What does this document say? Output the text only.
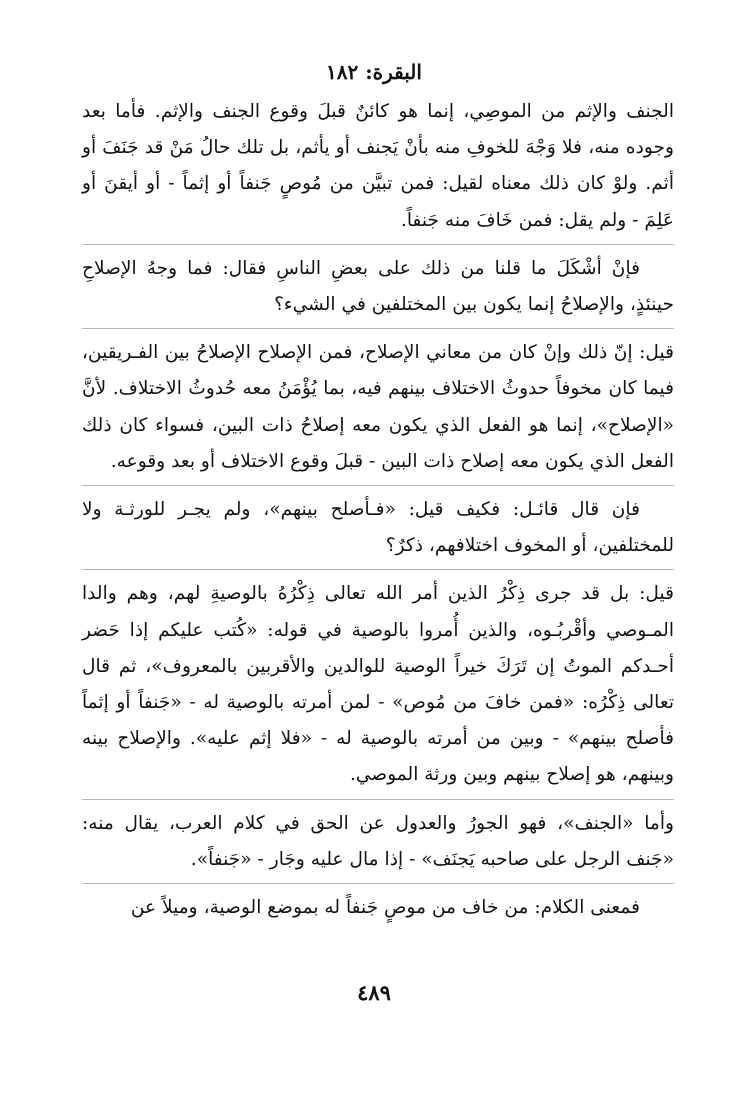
البقرة: ١٨٢

الجنف والإثم من الموصِي، إنما هو كائنٌ قبلَ وقوع الجنف والإثم. فأما بعد وجوده منه، فلا وَجْهَ للخوفِ منه بأنْ يَجنف أو يأثم، بل تلك حالُ مَنْ قد جَنَفَ أو أثم. ولوْ كان ذلك معناه لقيل: فمن تبيَّن من مُوصٍ جَنفاً أو إثماً - أو أيقنَ أو عَلِمَ - ولم يقل: فمن خَافَ منه جَنفاً.

فإنْ أشْكَلَ ما قلنا من ذلك على بعضِ الناسِ فقال: فما وجهُ الإصلاحِ حينئذٍ، والإصلاحُ إنما يكون بين المختلفين في الشيء؟

قيل: إنّ ذلك وإنْ كان من معاني الإصلاح، فمن الإصلاح الإصلاحُ بين الفـريقين، فيما كان مخوفاً حدوثُ الاختلاف بينهم فيه، بما يُؤْمَنُ معه حُدوثُ الاختلاف. لأنَّ «الإصلاح»، إنما هو الفعل الذي يكون معه إصلاحُ ذات البين، فسواء كان ذلك الفعل الذي يكون معه إصلاح ذات البين - قبلَ وقوع الاختلاف أو بعد وقوعه.

فإن قال قائـل: فكيف قيل: «فـأصلح بينهم»، ولم يجـر للورثـة ولا للمختلفين، أو المخوف اختلافهم، ذكرٌ؟

قيل: بل قد جرى ذِكْرُ الذين أمر الله تعالى ذِكْرُهُ بالوصيةِ لهم، وهم والدا المـوصي وأقْربُـوه، والذين أُمروا بالوصية في قوله: «كُتب عليكم إذا حَضر أحـدكم الموتُ إن تَرَكَ خيراً الوصية للوالدين والأقربين بالمعروف»، ثم قال تعالى ذِكْرُه: «فمن خافَ من مُوص» - لمن أمرته بالوصية له - «جَنفاً أو إثماً فأصلح بينهم» - وبين من أمرته بالوصية له - «فلا إثم عليه». والإصلاح بينه وبينهم، هو إصلاح بينهم وبين ورثة الموصي.

وأما «الجنف»، فهو الجورُ والعدول عن الحق في كلام العرب، يقال منه: «جَنف الرجل على صاحبه يَجنَف» - إذا مال عليه وجَار - «جَنفاً».

فمعنى الكلام: من خاف من موصٍ جَنفاً له بموضع الوصية، وميلاً عن

٤٨٩
